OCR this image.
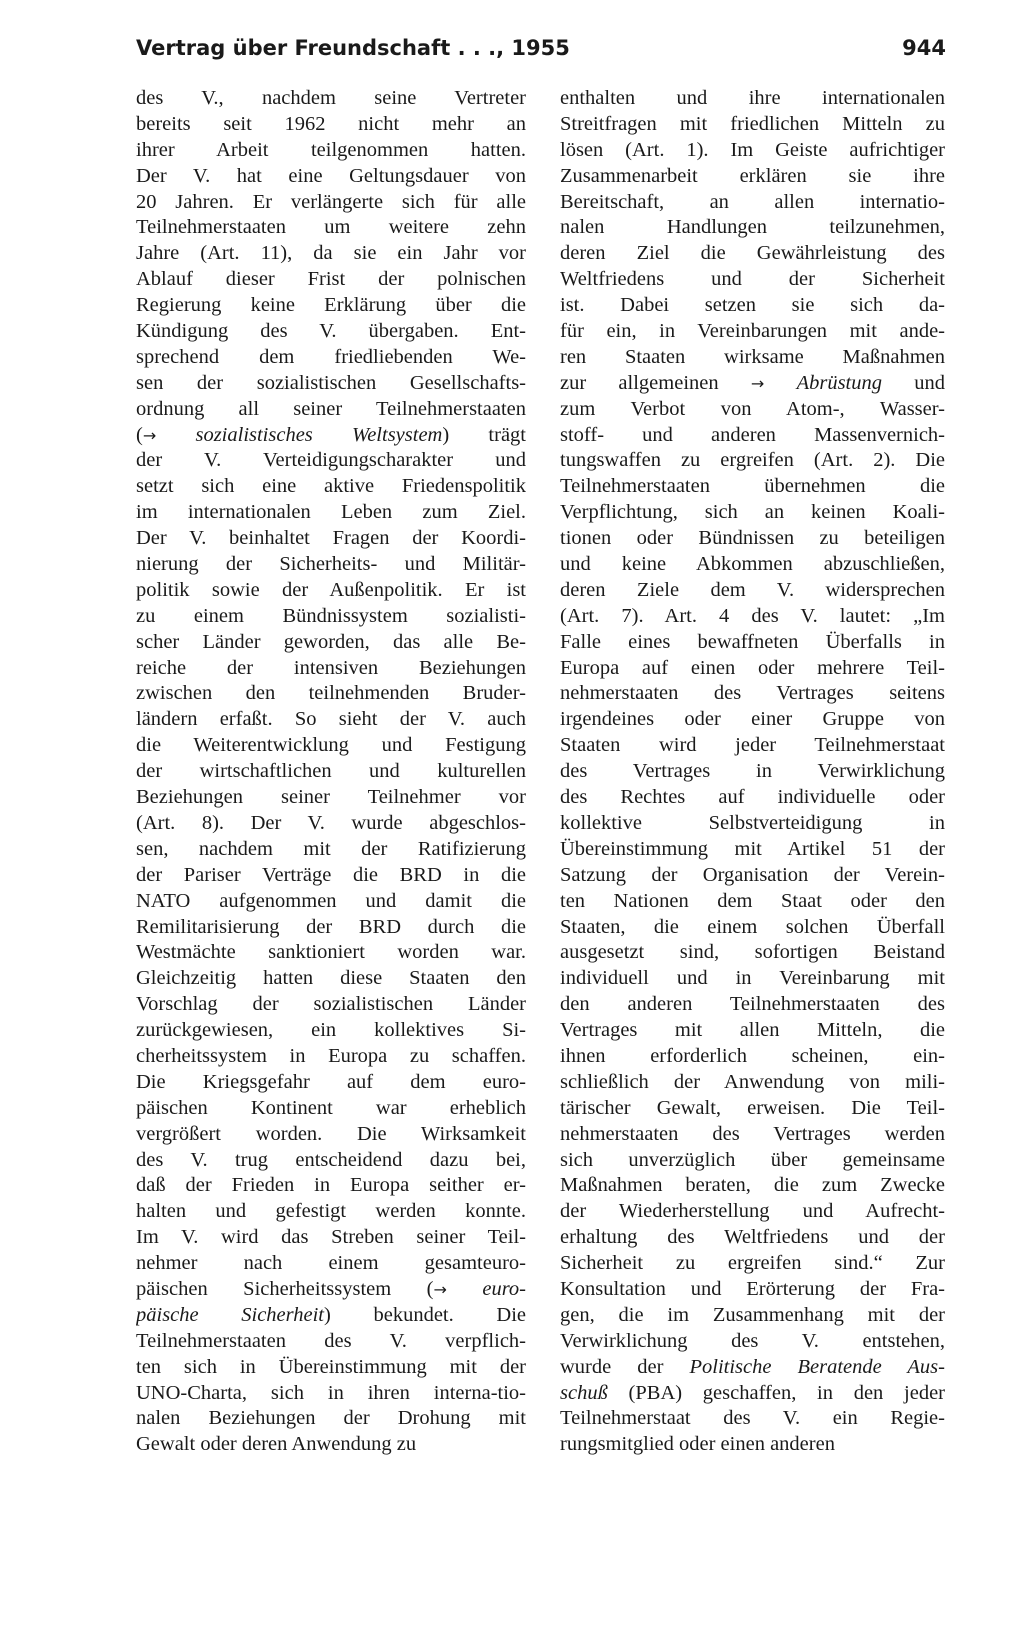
Vertrag über Freundschaft . . ., 1955	944
des V., nachdem seine Vertreter
bereits seit 1962 nicht mehr an
ihrer Arbeit teilgenommen hatten.
Der V. hat eine Geltungsdauer von
20 Jahren. Er verlängerte sich für alle
Teilnehmerstaaten um weitere zehn
Jahre (Art. 11), da sie ein Jahr vor
Ablauf dieser Frist der polnischen
Regierung keine Erklärung über die
Kündigung des V. übergaben. Ent-
sprechend dem friedliebenden We-
sen der sozialistischen Gesellschafts-
ordnung all seiner Teilnehmerstaaten
(→ sozialistisches Weltsystem) trägt
der V. Verteidigungscharakter und
setzt sich eine aktive Friedenspolitik
im internationalen Leben zum Ziel.
Der V. beinhaltet Fragen der Koordi-
nierung der Sicherheits- und Militär-
politik sowie der Außenpolitik. Er ist
zu einem Bündnissystem sozialisti-
scher Länder geworden, das alle Be-
reiche der intensiven Beziehungen
zwischen den teilnehmenden Bruder-
ländern erfaßt. So sieht der V. auch
die Weiterentwicklung und Festigung
der wirtschaftlichen und kulturellen
Beziehungen seiner Teilnehmer vor
(Art. 8). Der V. wurde abgeschlos-
sen, nachdem mit der Ratifizierung
der Pariser Verträge die BRD in die
NATO aufgenommen und damit die
Remilitarisierung der BRD durch die
Westmächte sanktioniert worden war.
Gleichzeitig hatten diese Staaten den
Vorschlag der sozialistischen Länder
zurückgewiesen, ein kollektives Si-
cherheitssystem in Europa zu schaffen.
Die Kriegsgefahr auf dem euro-
päischen Kontinent war erheblich
vergrößert worden. Die Wirksamkeit
des V. trug entscheidend dazu bei,
daß der Frieden in Europa seither er-
halten und gefestigt werden konnte.
Im V. wird das Streben seiner Teil-
nehmer nach einem gesamteuro-
päischen Sicherheitssystem (→ euro-
päische Sicherheit) bekundet. Die
Teilnehmerstaaten des V. verpflich-
ten sich in Übereinstimmung mit der
UNO-Charta, sich in ihren interna-tio-
nalen Beziehungen der Drohung mit
Gewalt oder deren Anwendung zu
enthalten und ihre internationalen
Streitfragen mit friedlichen Mitteln zu
lösen (Art. 1). Im Geiste aufrichtiger
Zusammenarbeit erklären sie ihre
Bereitschaft, an allen internatio-
nalen Handlungen teilzunehmen,
deren Ziel die Gewährleistung des
Weltfriedens und der Sicherheit
ist. Dabei setzen sie sich da-
für ein, in Vereinbarungen mit ande-
ren Staaten wirksame Maßnahmen
zur allgemeinen → Abrüstung und
zum Verbot von Atom-, Wasser-
stoff- und anderen Massenvernich-
tungswaffen zu ergreifen (Art. 2). Die
Teilnehmerstaaten übernehmen die
Verpflichtung, sich an keinen Koali-
tionen oder Bündnissen zu beteiligen
und keine Abkommen abzuschließen,
deren Ziele dem V. widersprechen
(Art. 7). Art. 4 des V. lautet: „Im
Falle eines bewaffneten Überfalls in
Europa auf einen oder mehrere Teil-
nehmerstaaten des Vertrages seitens
irgendeines oder einer Gruppe von
Staaten wird jeder Teilnehmerstaat
des Vertrages in Verwirklichung
des Rechtes auf individuelle oder
kollektive Selbstverteidigung in
Übereinstimmung mit Artikel 51 der
Satzung der Organisation der Verein-
ten Nationen dem Staat oder den
Staaten, die einem solchen Überfall
ausgesetzt sind, sofortigen Beistand
individuell und in Vereinbarung mit
den anderen Teilnehmerstaaten des
Vertrages mit allen Mitteln, die
ihnen erforderlich scheinen, ein-
schließlich der Anwendung von mili-
tärischer Gewalt, erweisen. Die Teil-
nehmerstaaten des Vertrages werden
sich unverzüglich über gemeinsame
Maßnahmen beraten, die zum Zwecke
der Wiederherstellung und Aufrecht-
erhaltung des Weltfriedens und der
Sicherheit zu ergreifen sind.“ Zur
Konsultation und Erörterung der Fra-
gen, die im Zusammenhang mit der
Verwirklichung des V. entstehen,
wurde der Politische Beratende Aus-
schuß (PBA) geschaffen, in den jeder
Teilnehmerstaat des V. ein Regie-
rungsmitglied oder einen anderen
